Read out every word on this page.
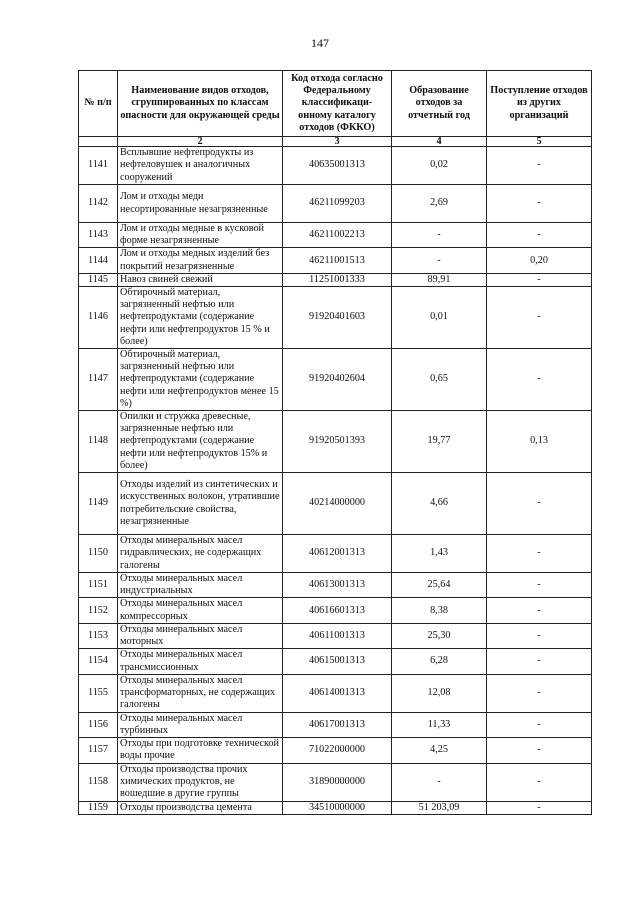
147
№ п/п	Наименование видов отходов, сгруппированных по классам опасности для окружающей среды	Код отхода согласно Федеральному классификаци-онному каталогу отходов (ФККО)	Образование отходов за отчетный год	Поступление отходов из других организаций
	2	3	4	5
1141	Всплывшие нефтепродукты из нефтеловушек и аналогичных сооружений	40635001313	0,02	-
1142	Лом и отходы меди несортированные незагрязненные	46211099203	2,69	-
1143	Лом и отходы медные в кусковой форме незагрязненные	46211002213	-	-
1144	Лом и отходы медных изделий без покрытий незагрязненные	46211001513	-	0,20
1145	Навоз свиней свежий	11251001333	89,91	-
1146	Обтирочный материал, загрязненный нефтью или нефтепродуктами (содержание нефти или нефтепродуктов 15 % и более)	91920401603	0,01	-
1147	Обтирочный материал, загрязненный нефтью или нефтепродуктами (содержание нефти или нефтепродуктов менее 15 %)	91920402604	0,65	-
1148	Опилки и стружка древесные, загрязненные нефтью или нефтепродуктами (содержание нефти или нефтепродуктов 15% и более)	91920501393	19,77	0,13
1149	Отходы изделий из синтетических и искусственных волокон, утратившие потребительские свойства, незагрязненные	40214000000	4,66	-
1150	Отходы минеральных масел гидравлических, не содержащих галогены	40612001313	1,43	-
1151	Отходы минеральных масел индустриальных	40613001313	25,64	-
1152	Отходы минеральных масел компрессорных	40616601313	8,38	-
1153	Отходы минеральных масел моторных	40611001313	25,30	-
1154	Отходы минеральных масел трансмиссионных	40615001313	6,28	-
1155	Отходы минеральных масел трансформаторных, не содержащих галогены	40614001313	12,08	-
1156	Отходы минеральных масел турбинных	40617001313	11,33	-
1157	Отходы при подготовке технической воды прочие	71022000000	4,25	-
1158	Отходы производства прочих химических продуктов, не вошедшие в другие группы	31890000000	-	-
1159	Отходы производства цемента	34510000000	51 203,09	-
